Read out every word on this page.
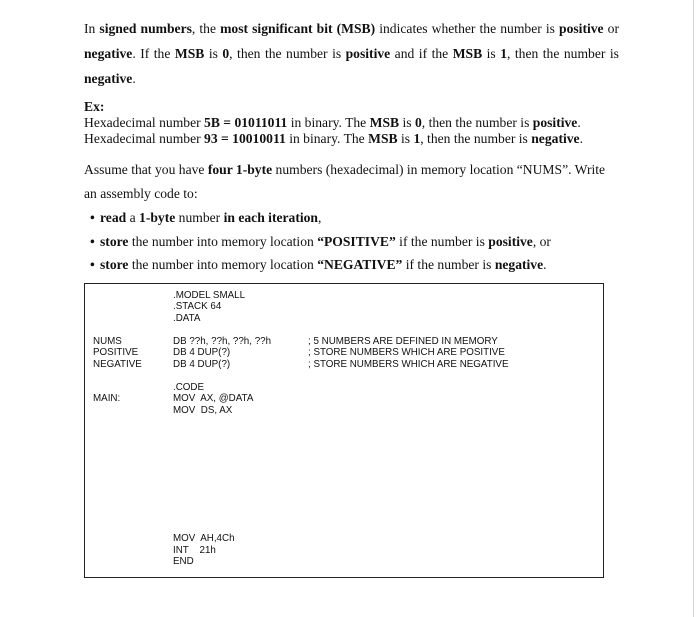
In signed numbers, the most significant bit (MSB) indicates whether the number is positive or negative. If the MSB is 0, then the number is positive and if the MSB is 1, then the number is negative.

Ex:
Hexadecimal number 5B = 01011011 in binary. The MSB is 0, then the number is positive.
Hexadecimal number 93 = 10010011 in binary. The MSB is 1, then the number is negative.

Assume that you have four 1-byte numbers (hexadecimal) in memory location “NUMS”. Write an assembly code to:

• read a 1-byte number in each iteration,
• store the number into memory location “POSITIVE” if the number is positive, or
• store the number into memory location “NEGATIVE” if the number is negative.
.MODEL SMALL
.STACK 64
.DATA
NUMS
POSITIVE
NEGATIVE
DB ??h, ??h, ??h, ??h
DB 4 DUP(?)
DB 4 DUP(?)
; 5 NUMBERS ARE DEFINED IN MEMORY
; STORE NUMBERS WHICH ARE POSITIVE
; STORE NUMBERS WHICH ARE NEGATIVE
.CODE
MAIN:	MOV  AX, @DATA
MOV  DS, AX
MOV  AH,4Ch
INT    21h
END
